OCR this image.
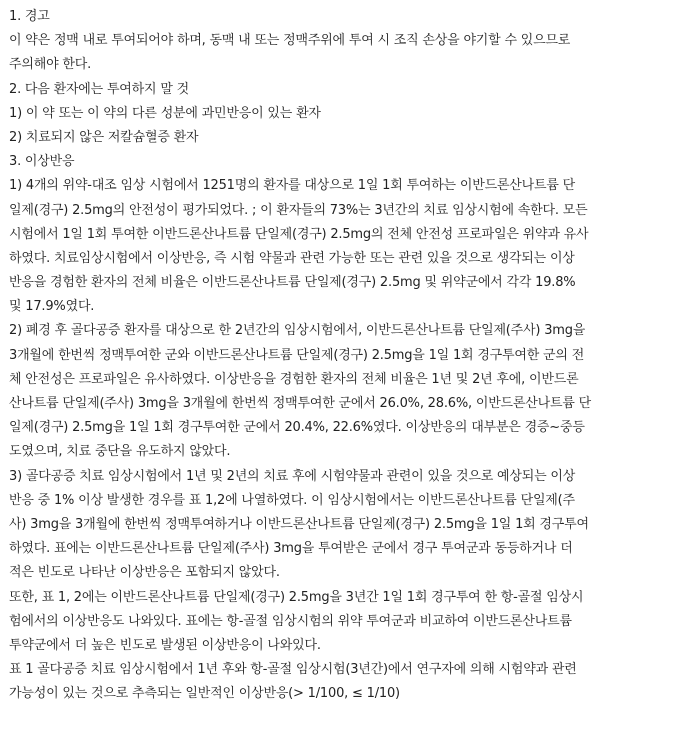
1. 경고
이 약은 정맥 내로 투여되어야 하며, 동맥 내 또는 정맥주위에 투여 시 조직 손상을 야기할 수 있으므로
주의해야 한다.
2. 다음 환자에는 투여하지 말 것
1) 이 약 또는 이 약의 다른 성분에 과민반응이 있는 환자
2) 치료되지 않은 저칼슘혈증 환자
3. 이상반응
1) 4개의 위약-대조 임상 시험에서 1251명의 환자를 대상으로 1일 1회 투여하는 이반드론산나트륨 단
일제(경구) 2.5mg의 안전성이 평가되었다. ; 이 환자들의 73%는 3년간의 치료 임상시험에 속한다. 모든
시험에서 1일 1회 투여한 이반드론산나트륨 단일제(경구) 2.5mg의 전체 안전성 프로파일은 위약과 유사
하였다. 치료임상시험에서 이상반응, 즉 시험 약물과 관련 가능한 또는 관련 있을 것으로 생각되는 이상
반응을 경험한 환자의 전체 비율은 이반드론산나트륨 단일제(경구) 2.5mg 및 위약군에서 각각 19.8%
및 17.9%였다.
2) 폐경 후 골다공증 환자를 대상으로 한 2년간의 임상시험에서, 이반드론산나트륨 단일제(주사) 3mg을
3개월에 한번씩 정맥투여한 군와 이반드론산나트륨 단일제(경구) 2.5mg을 1일 1회 경구투여한 군의 전
체 안전성은 프로파일은 유사하였다. 이상반응을 경험한 환자의 전체 비율은 1년 및 2년 후에, 이반드론
산나트륨 단일제(주사) 3mg을 3개월에 한번씩 정맥투여한 군에서 26.0%, 28.6%, 이반드론산나트륨 단
일제(경구) 2.5mg을 1일 1회 경구투여한 군에서 20.4%, 22.6%였다. 이상반응의 대부분은 경증~중등
도였으며, 치료 중단을 유도하지 않았다.
3) 골다공증 치료 임상시험에서 1년 및 2년의 치료 후에 시험약물과 관련이 있을 것으로 예상되는 이상
반응 중 1% 이상 발생한 경우를 표 1,2에 나열하였다. 이 임상시험에서는 이반드론산나트륨 단일제(주
사) 3mg을 3개월에 한번씩 정맥투여하거나 이반드론산나트륨 단일제(경구) 2.5mg을 1일 1회 경구투여
하였다. 표에는 이반드론산나트륨 단일제(주사) 3mg을 투여받은 군에서 경구 투여군과 동등하거나 더
적은 빈도로 나타난 이상반응은 포함되지 않았다.
또한, 표 1, 2에는 이반드론산나트륨 단일제(경구) 2.5mg을 3년간 1일 1회 경구투여 한 항-골절 임상시
험에서의 이상반응도 나와있다. 표에는 항-골절 임상시험의 위약 투여군과 비교하여 이반드론산나트륨
투약군에서 더 높은 빈도로 발생된 이상반응이 나와있다.
표 1 골다공증 치료 임상시험에서 1년 후와 항-골절 임상시험(3년간)에서 연구자에 의해 시험약과 관련
가능성이 있는 것으로 추측되는 일반적인 이상반응(> 1/100, ≤ 1/10)
